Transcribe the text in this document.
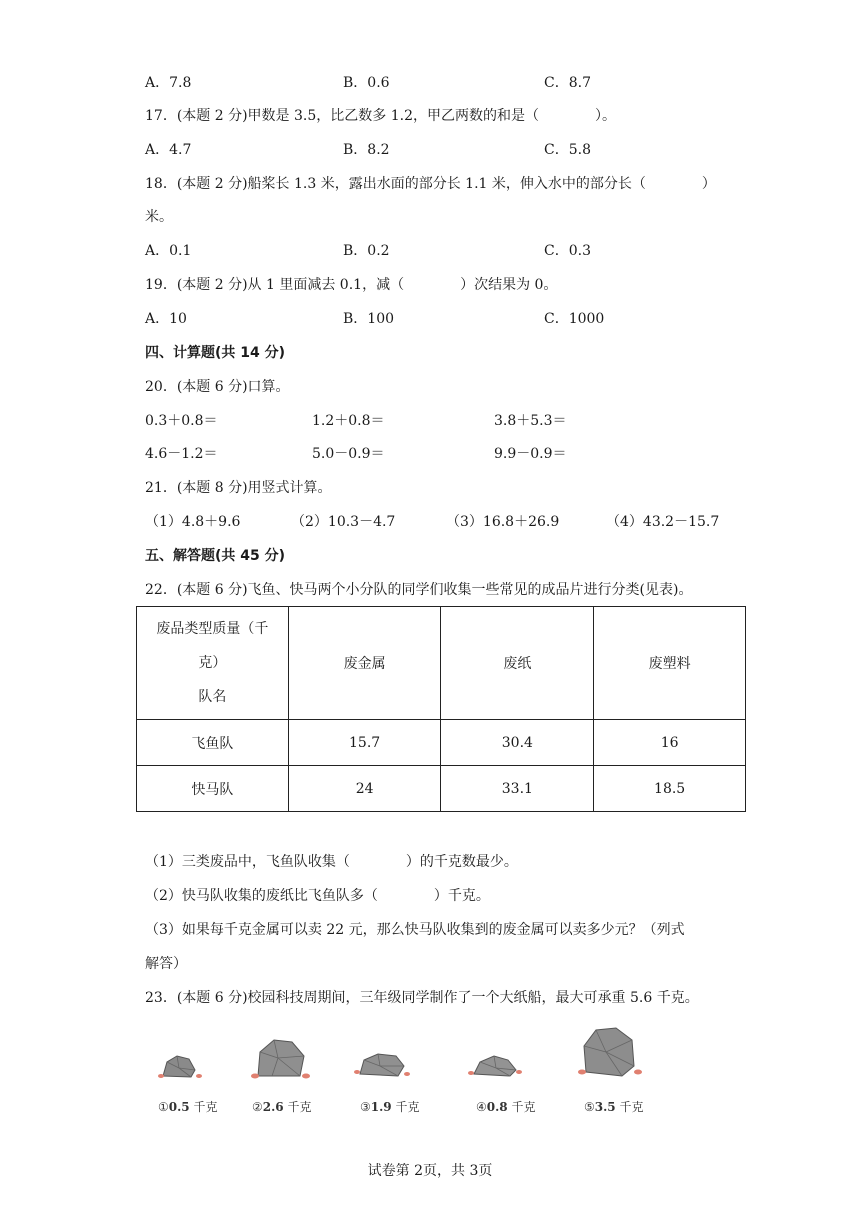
A．7.8	B．0.6	C．8.7
17．(本题 2 分)甲数是 3.5，比乙数多 1.2，甲乙两数的和是（　　　　）。
A．4.7	B．8.2	C．5.8
18．(本题 2 分)船桨长 1.3 米，露出水面的部分长 1.1 米，伸入水中的部分长（　　　　）
米。
A．0.1	B．0.2	C．0.3
19．(本题 2 分)从 1 里面减去 0.1，减（　　　　）次结果为 0。
A．10	B．100	C．1000
四、计算题(共 14 分)
20．(本题 6 分)口算。
0.3＋0.8＝	1.2＋0.8＝	3.8＋5.3＝
4.6－1.2＝	5.0－0.9＝	9.9－0.9＝
21．(本题 8 分)用竖式计算。
（1）4.8＋9.6	（2）10.3－4.7	（3）16.8＋26.9	（4）43.2－15.7
五、解答题(共 45 分)
22．(本题 6 分)飞鱼、快马两个小分队的同学们收集一些常见的成品片进行分类(见表)。
废品类型质量（千
克）
队名	废金属	废纸	废塑料
飞鱼队	15.7	30.4	16
快马队	24	33.1	18.5
（1）三类废品中，飞鱼队收集（　　　　）的千克数最少。
（2）快马队收集的废纸比飞鱼队多（　　　　）千克。
（3）如果每千克金属可以卖 22 元，那么快马队收集到的废金属可以卖多少元？（列式
解答）
23．(本题 6 分)校园科技周期间，三年级同学制作了一个大纸船，最大可承重 5.6 千克。
①0.5 千克	②2.6 千克	③1.9 千克	④0.8 千克	⑤3.5 千克
试卷第 2页，共 3页
